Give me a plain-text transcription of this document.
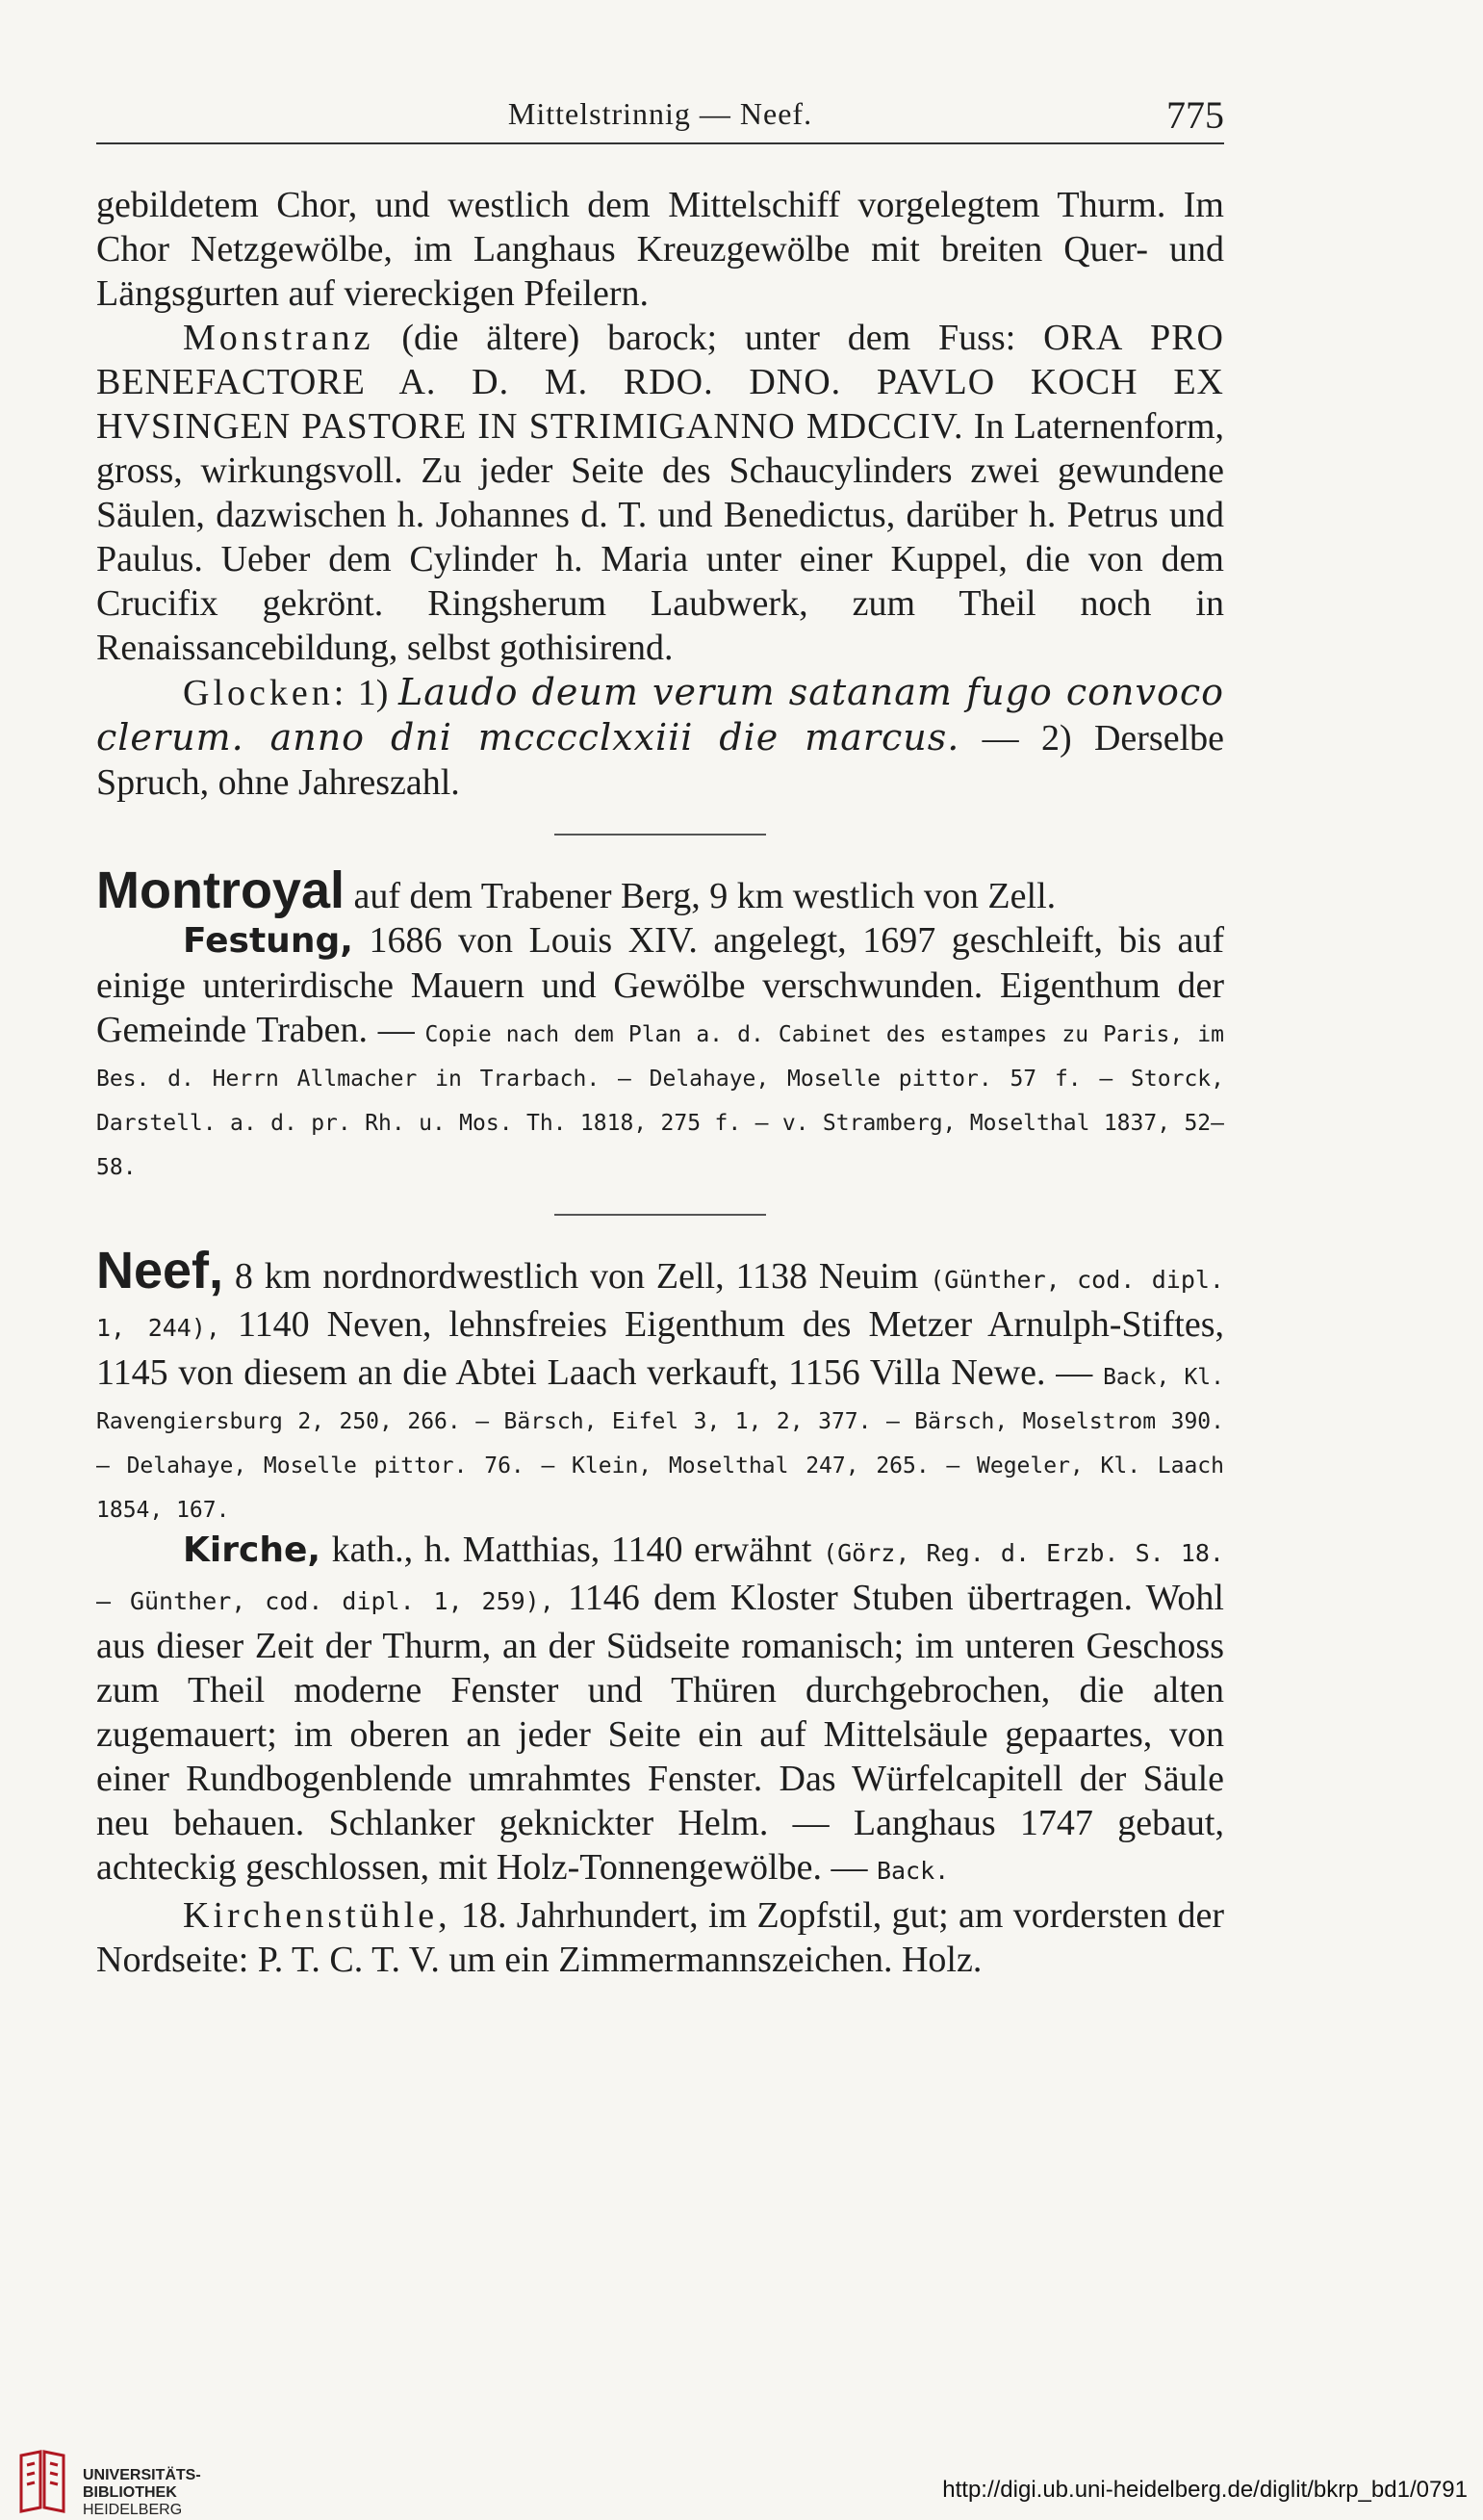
Mittelstrinnig — Neef.	775

gebildetem Chor, und westlich dem Mittelschiff vorgelegtem Thurm. Im Chor Netzgewölbe, im Langhaus Kreuzgewölbe mit breiten Quer- und Längsgurten auf viereckigen Pfeilern.

Monstranz (die ältere) barock; unter dem Fuss: ORA PRO BENEFACTORE A. D. M. RDO. DNO. PAVLO KOCH EX HVSINGEN PASTORE IN STRIMIGANNO MDCCIV. In Laternenform, gross, wirkungsvoll. Zu jeder Seite des Schaucylinders zwei gewundene Säulen, dazwischen h. Johannes d. T. und Benedictus, darüber h. Petrus und Paulus. Ueber dem Cylinder h. Maria unter einer Kuppel, die von dem Crucifix gekrönt. Ringsherum Laubwerk, zum Theil noch in Renaissancebildung, selbst gothisirend.

Glocken: 1) Laudo deum verum satanam fugo convoco clerum. anno dni mcccclxxiii die marcus. — 2) Derselbe Spruch, ohne Jahreszahl.

Montroyal auf dem Trabener Berg, 9 km westlich von Zell.

Festung, 1686 von Louis XIV. angelegt, 1697 geschleift, bis auf einige unterirdische Mauern und Gewölbe verschwunden. Eigenthum der Gemeinde Traben. — Copie nach dem Plan a. d. Cabinet des estampes zu Paris, im Bes. d. Herrn Allmacher in Trarbach. — Delahaye, Moselle pittor. 57 f. — Storck, Darstell. a. d. pr. Rh. u. Mos. Th. 1818, 275 f. — v. Stramberg, Moselthal 1837, 52—58.

Neef, 8 km nordnordwestlich von Zell, 1138 Neuim (Günther, cod. dipl. 1, 244), 1140 Neven, lehnsfreies Eigenthum des Metzer Arnulph-Stiftes, 1145 von diesem an die Abtei Laach verkauft, 1156 Villa Newe. — Back, Kl. Ravengiersburg 2, 250, 266. — Bärsch, Eifel 3, 1, 2, 377. — Bärsch, Moselstrom 390. — Delahaye, Moselle pittor. 76. — Klein, Moselthal 247, 265. — Wegeler, Kl. Laach 1854, 167.

Kirche, kath., h. Matthias, 1140 erwähnt (Görz, Reg. d. Erzb. S. 18. — Günther, cod. dipl. 1, 259), 1146 dem Kloster Stuben übertragen. Wohl aus dieser Zeit der Thurm, an der Südseite romanisch; im unteren Geschoss zum Theil moderne Fenster und Thüren durchgebrochen, die alten zugemauert; im oberen an jeder Seite ein auf Mittelsäule gepaartes, von einer Rundbogenblende umrahmtes Fenster. Das Würfelcapitell der Säule neu behauen. Schlanker geknickter Helm. — Langhaus 1747 gebaut, achteckig geschlossen, mit Holz-Tonnengewölbe. — Back.

Kirchenstühle, 18. Jahrhundert, im Zopfstil, gut; am vordersten der Nordseite: P. T. C. T. V. um ein Zimmermannszeichen. Holz.

UNIVERSITÄTS-
BIBLIOTHEK
HEIDELBERG
http://digi.ub.uni-heidelberg.de/diglit/bkrp_bd1/0791
